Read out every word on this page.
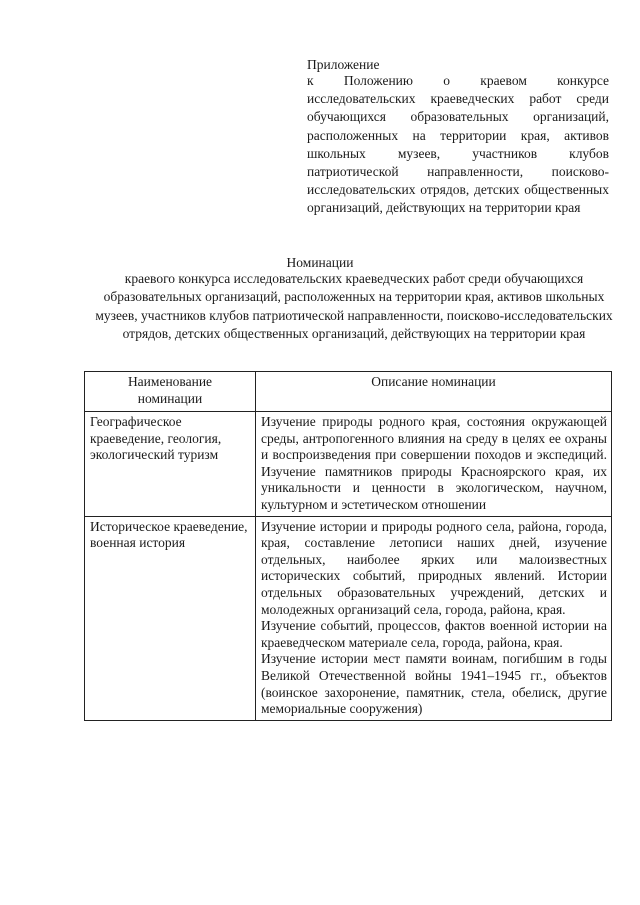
Приложение
к Положению о краевом конкурсе исследовательских краеведческих работ среди обучающихся образовательных организаций, расположенных на территории края, активов школьных музеев, участников клубов патриотической направленности, поисково-исследовательских отрядов, детских общественных организаций, действующих на территории края
Номинации
краевого конкурса исследовательских краеведческих работ среди обучающихся образовательных организаций, расположенных на территории края, активов школьных музеев, участников клубов патриотической направленности, поисково-исследовательских отрядов, детских общественных организаций, действующих на территории края
Наименование номинации	Описание номинации
Географическое краеведение, геология, экологический туризм	Изучение природы родного края, состояния окружающей среды, антропогенного влияния на среду в целях ее охраны и воспроизведения при совершении походов и экспедиций. Изучение памятников природы Красноярского края, их уникальности и ценности в экологическом, научном, культурном и эстетическом отношении

Историческое краеведение, военная история	Изучение истории и природы родного села, района, города, края, составление летописи наших дней, изучение отдельных, наиболее ярких или малоизвестных исторических событий, природных явлений. Истории отдельных образовательных учреждений, детских и молодежных организаций села, города, района, края.

Изучение событий, процессов, фактов военной истории на краеведческом материале села, города, района, края.

Изучение истории мест памяти воинам, погибшим в годы Великой Отечественной войны 1941–1945 гг., объектов (воинское захоронение, памятник, стела, обелиск, другие мемориальные сооружения)
